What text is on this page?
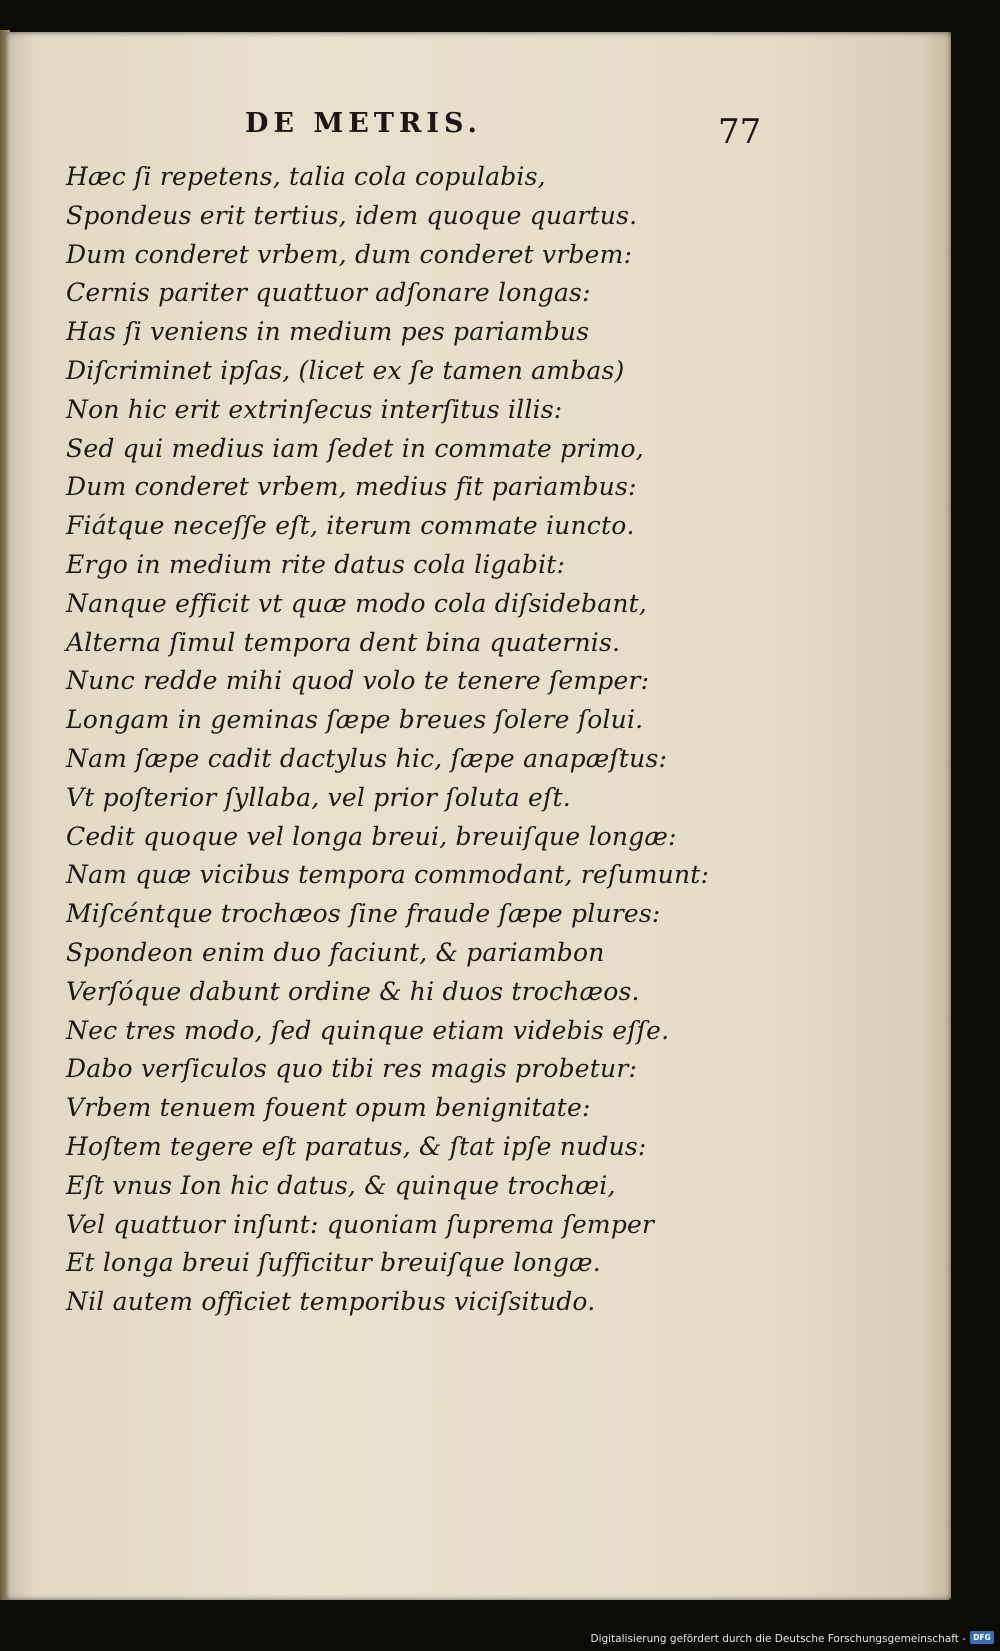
DE METRIS.	77

Hæc ſi repetens, talia cola copulabis,
Spondeus erit tertius, idem quoque quartus.
Dum conderet vrbem, dum conderet vrbem:
Cernis pariter quattuor adſonare longas:
Has ſi veniens in medium pes pariambus
Diſcriminet ipſas, (licet ex ſe tamen ambas)
Non hic erit extrinſecus interſitus illis:
Sed qui medius iam ſedet in commate primo,
Dum conderet vrbem, medius fit pariambus:
Fiátque neceſſe eſt, iterum commate iunctо.
Ergo in medium rite datus cola ligabit:
Nanque efficit vt quæ modo cola diſsidebant,
Alterna ſimul tempora dent bina quaternis.
Nunc redde mihi quod volo te tenere ſemper:
Longam in geminas ſæpe breues ſolere ſolui.
Nam ſæpe cadit dactylus hic, ſæpe anapæſtus:
Vt poſterior ſyllaba, vel prior ſoluta eſt.
Cedit quoque vel longa breui, breuiſque longæ:
Nam quæ vicibus tempora commodant, reſumunt:
Miſcéntque trochæos ſine fraude ſæpe plures:
Spondeon enim duo faciunt, & pariambon
Verſóque dabunt ordine & hi duos trochæos.
Nec tres modo, ſed quinque etiam videbis eſſe.
Dabo verſiculos quo tibi res magis probetur:
Vrbem tenuem fouent opum benignitate:
Hoſtem tegere eſt paratus, & ſtat ipſe nudus:
Eſt vnus Ion hic datus, & quinque trochæi,
Vel quattuor inſunt: quoniam ſuprema ſemper
Et longa breui ſufficitur breuiſque longæ.
Nil autem officiet temporibus viciſsitudo.

Digitalisierung gefördert durch die Deutsche Forschungsgemeinschaft - DFG
